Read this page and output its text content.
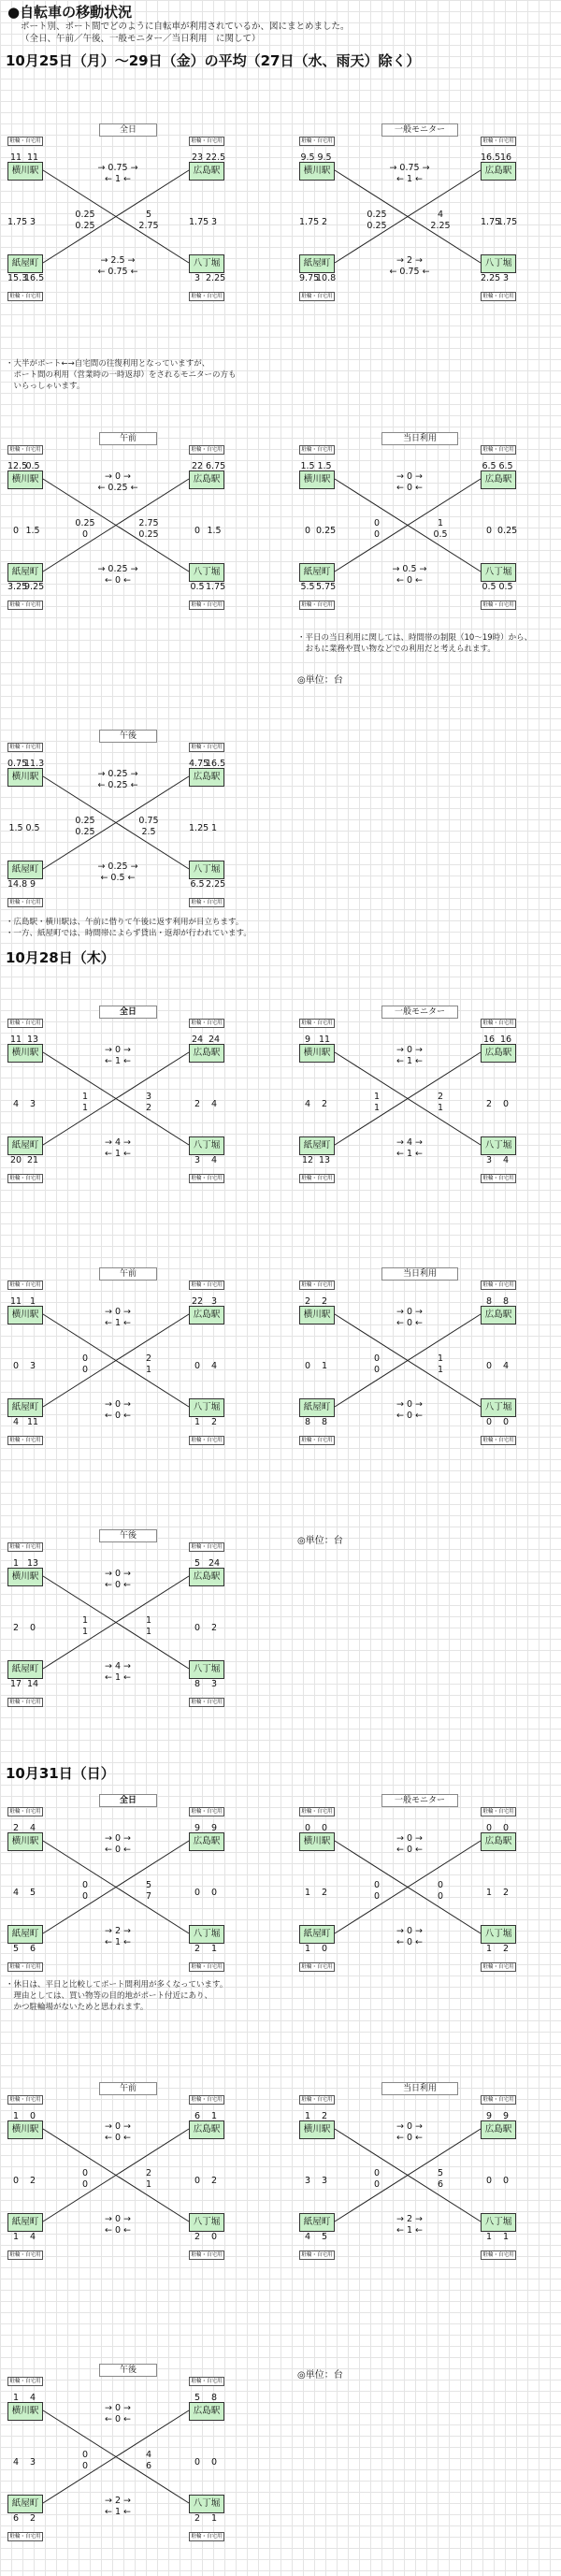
●自転車の移動状況
ポート別、ポート間でどのように自転車が利用されているか、図にまとめました。
（全日、午前／午後、一般モニター／当日利用　に関して）
10月25日（月）～29日（金）の平均（27日（水、雨天）除く）
10月28日（木）
10月31日（日）
・大半がポート←→自宅間の往復利用となっていますが、
　ポート間の利用（営業時の一時返却）をされるモニターの方も
　いらっしゃいます。
・平日の当日利用に関しては、時間帯の制限（10～19時）から、
　おもに業務や買い物などでの利用だと考えられます。
◎単位：台
・広島駅・横川駅は、午前に借りて午後に返す利用が目立ちます。
・一方、紙屋町では、時間帯によらず貸出・返却が行われています。
◎単位：台
・休日は、平日と比較してポート間利用が多くなっています。
　理由としては、買い物等の目的地がポート付近にあり、
　かつ駐輪場がないためと思われます。
◎単位：台
全日
駐輪・自宅用
横川駅
駐輪・自宅用
広島駅
駐輪・自宅用
紙屋町
駐輪・自宅用
八丁堀
11 11	23 22.5
→ 0.75 →
← 1 ←
1.75 3	1.75 3
0.25	5
0.25	2.75
→ 2.5 →
← 0.75 ←
15.3
16.5	3 2.25
一般モニター
駐輪・自宅用
横川駅
駐輪・自宅用
広島駅
駐輪・自宅用
紙屋町
駐輪・自宅用
八丁堀
9.5 9.5	16.5 16
→ 0.75 →
← 1 ←
1.75 2	1.75
1.75
0.25	4
0.25	2.25
→ 2 →
← 0.75 ←
9.75
10.8	2.25 3
午前
駐輪・自宅用
横川駅
駐輪・自宅用
広島駅
駐輪・自宅用
紙屋町
駐輪・自宅用
八丁堀
12.5
0.5	22 6.75
→ 0 →
← 0.25 ←
0 1.5	0 1.5
0.25	2.75
0	0.25
→ 0.25 →
← 0 ←
3.25
9.25	0.5 1.75
当日利用
駐輪・自宅用
横川駅
駐輪・自宅用
広島駅
駐輪・自宅用
紙屋町
駐輪・自宅用
八丁堀
1.5 1.5	6.5 6.5
→ 0 →
← 0 ←
0 0.25	0 0.25
0	1
0	0.5
→ 0.5 →
← 0 ←
5.5 5.75	0.5 0.5
午後
駐輪・自宅用
横川駅
駐輪・自宅用
広島駅
駐輪・自宅用
紙屋町
駐輪・自宅用
八丁堀
0.75
11.3	4.75
16.5
→ 0.25 →
← 0.25 ←
1.5 0.5	1.25 1
0.25	0.75
0.25	2.5
→ 0.25 →
← 0.5 ←
14.8 9	6.5 2.25
全日
駐輪・自宅用
横川駅
駐輪・自宅用
広島駅
駐輪・自宅用
紙屋町
駐輪・自宅用
八丁堀
11 13	24 24
→ 0 →
← 1 ←
4	3	2	4
1	3
1	2
→ 4 →
← 1 ←
20 21	3	4
一般モニター
駐輪・自宅用
横川駅
駐輪・自宅用
広島駅
駐輪・自宅用
紙屋町
駐輪・自宅用
八丁堀
9 11	16 16
→ 0 →
← 1 ←
4	2	2	0
1	2
1	1
→ 4 →
← 1 ←
12 13	3	4
午前
駐輪・自宅用
横川駅
駐輪・自宅用
広島駅
駐輪・自宅用
紙屋町
駐輪・自宅用
八丁堀
11 1	22 3
→ 0 →
← 1 ←
0	3	0	4
0	2
0	1
→ 0 →
← 0 ←
4 11	1	2
当日利用
駐輪・自宅用
横川駅
駐輪・自宅用
広島駅
駐輪・自宅用
紙屋町
駐輪・自宅用
八丁堀
2	2	8	8
→ 0 →
← 0 ←
0	1	0	4
0	1
0	1
→ 0 →
← 0 ←
8	8	0	0
午後
駐輪・自宅用
横川駅
駐輪・自宅用
広島駅
駐輪・自宅用
紙屋町
駐輪・自宅用
八丁堀
1 13	5 24
→ 0 →
← 0 ←
2	0	0	2
1	1
1	1
→ 4 →
← 1 ←
17 14	8	3
全日
駐輪・自宅用
横川駅
駐輪・自宅用
広島駅
駐輪・自宅用
紙屋町
駐輪・自宅用
八丁堀
2	4	9	9
→ 0 →
← 0 ←
4	5	0	0
0	5
0	7
→ 2 →
← 1 ←
5	6	2	1
一般モニター
駐輪・自宅用
横川駅
駐輪・自宅用
広島駅
駐輪・自宅用
紙屋町
駐輪・自宅用
八丁堀
0	0	0	0
→ 0 →
← 0 ←
1	2	1	2
0	0
0	0
→ 0 →
← 0 ←
1	0	1	2
午前
駐輪・自宅用
横川駅
駐輪・自宅用
広島駅
駐輪・自宅用
紙屋町
駐輪・自宅用
八丁堀
1	0	6	1
→ 0 →
← 0 ←
0	2	0	2
0	2
0	1
→ 0 →
← 0 ←
1	4	2	0
当日利用
駐輪・自宅用
横川駅
駐輪・自宅用
広島駅
駐輪・自宅用
紙屋町
駐輪・自宅用
八丁堀
1	2	9	9
→ 0 →
← 0 ←
3	3	0	0
0	5
0	6
→ 2 →
← 1 ←
4	5	1	1
午後
駐輪・自宅用
横川駅
駐輪・自宅用
広島駅
駐輪・自宅用
紙屋町
駐輪・自宅用
八丁堀
1	4	5	8
→ 0 →
← 0 ←
4	3	0	0
0	4
0	6
→ 2 →
← 1 ←
6	2	2	1
